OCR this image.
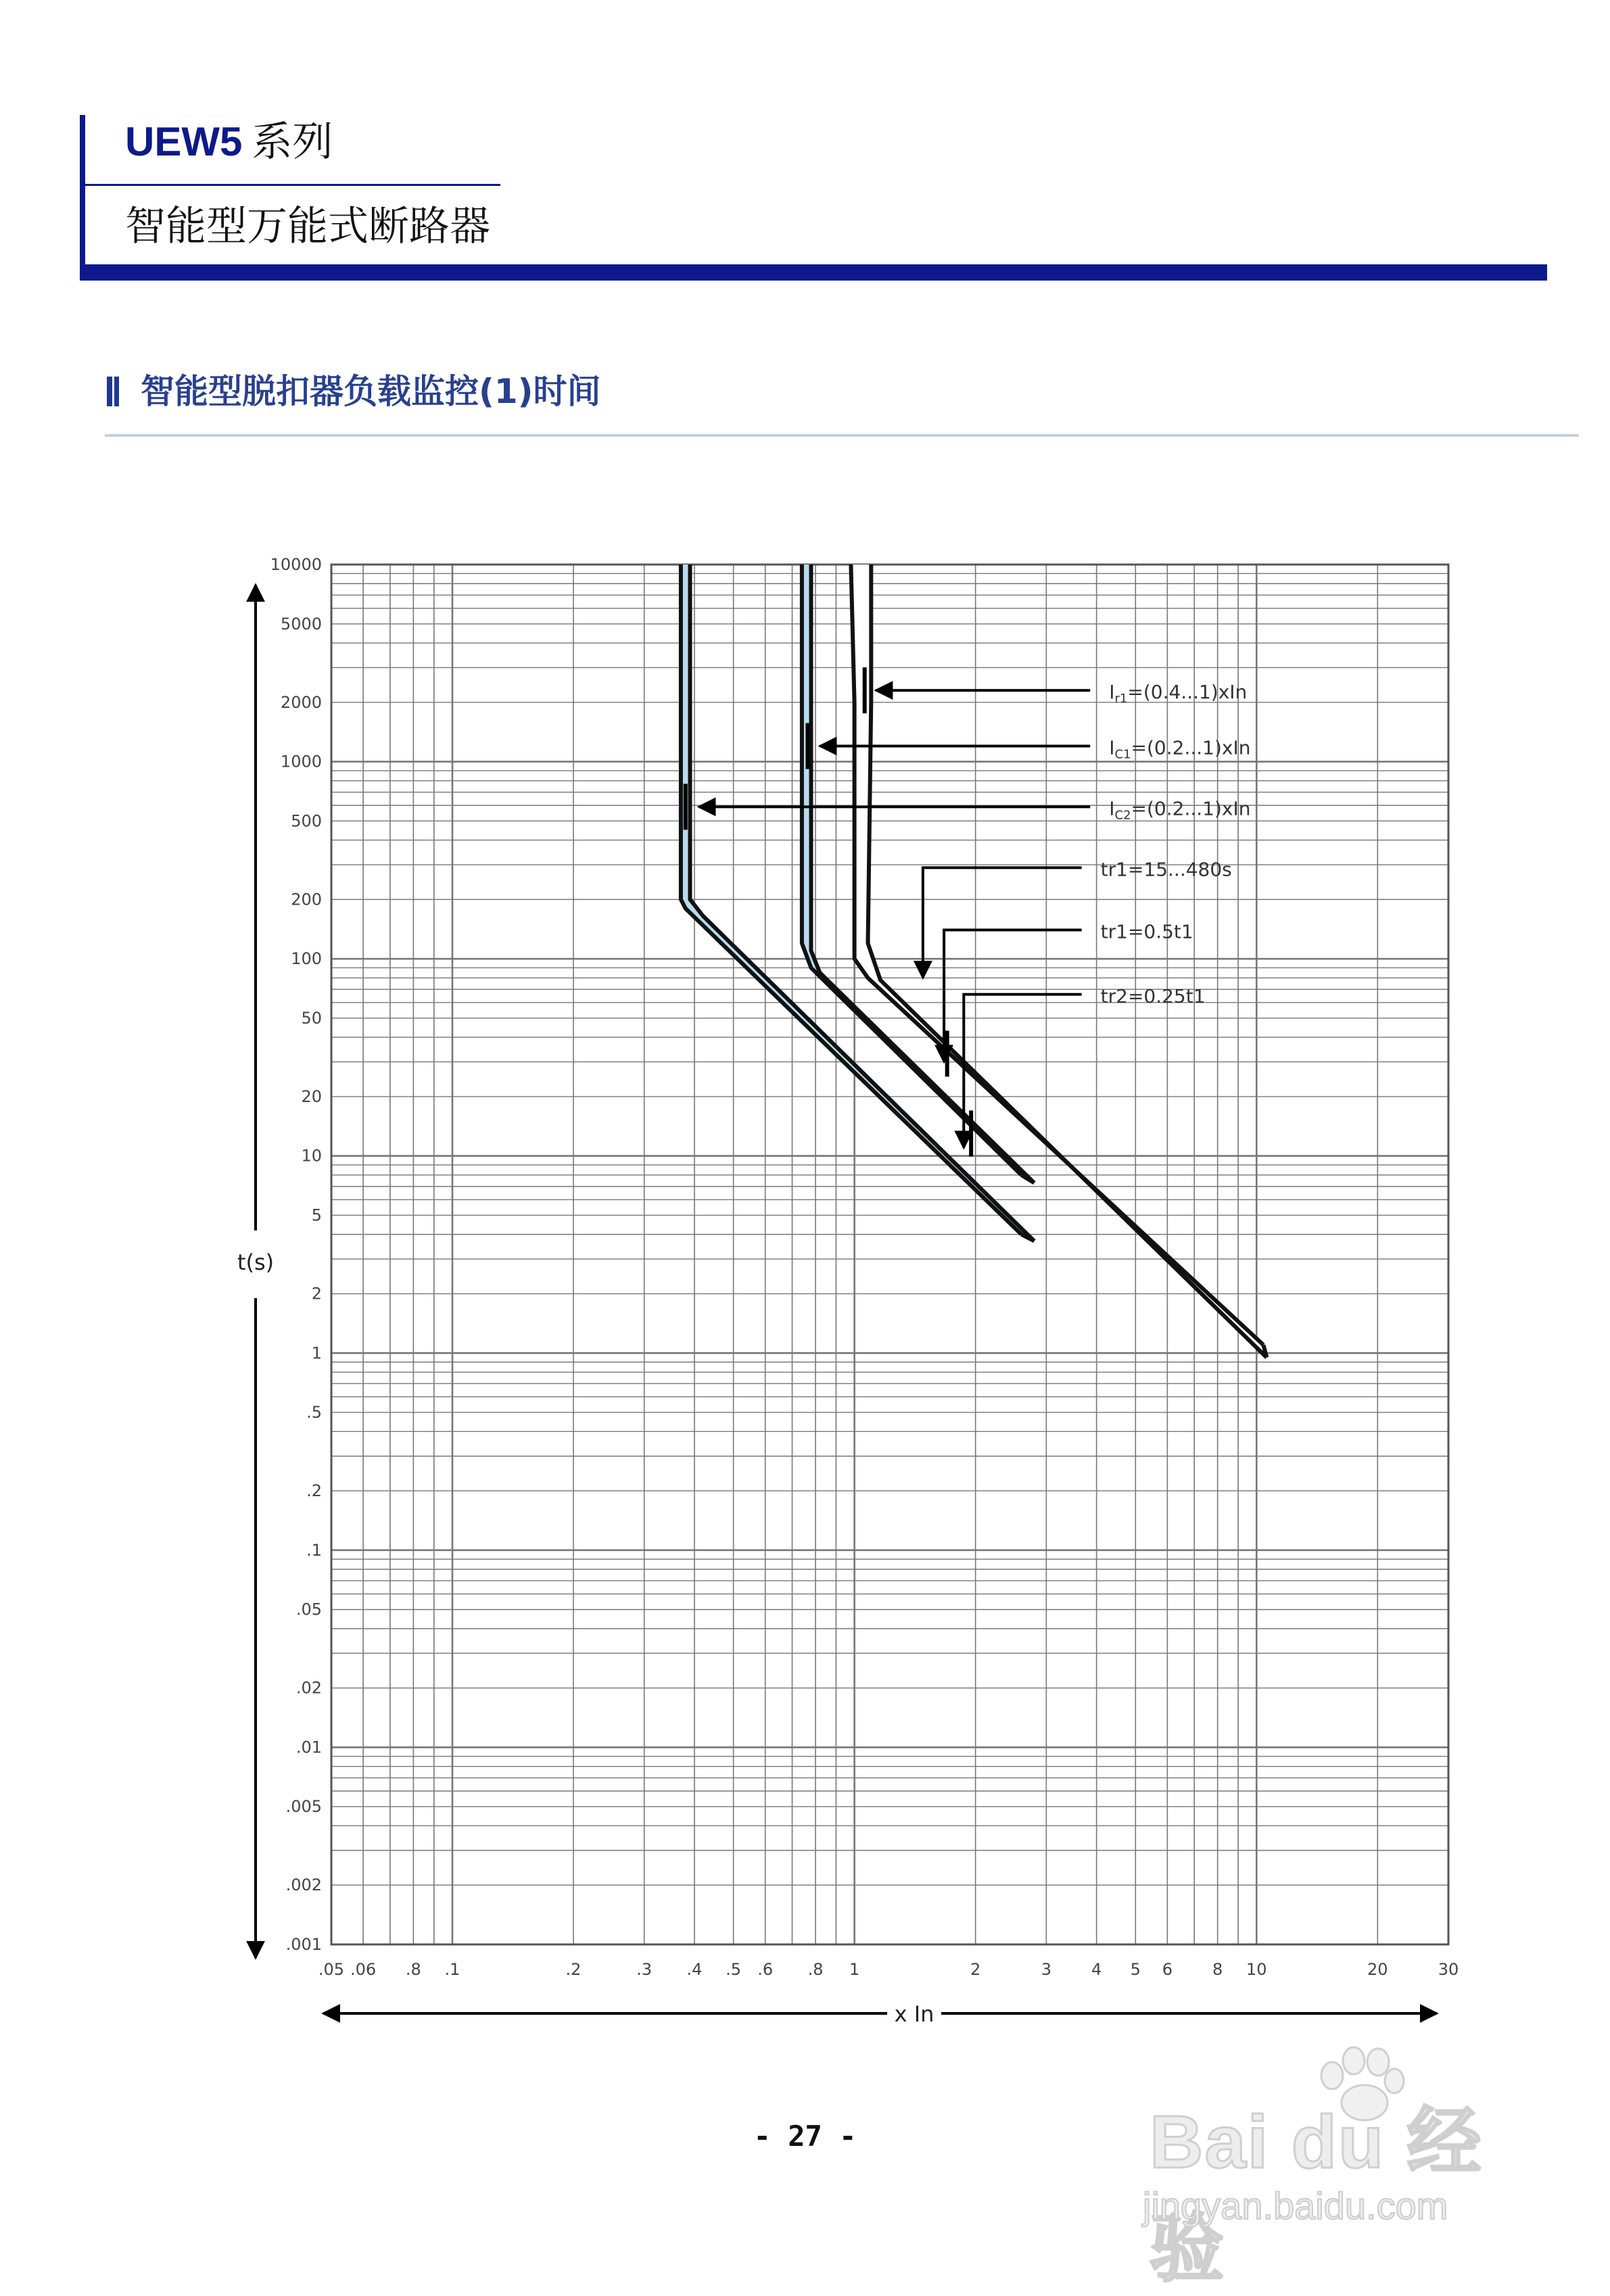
UEW5 系列
智能型万能式断路器
智能型脱扣器负载监控(1)时间
$I_{r1}=(0.4...1)xIn$
$I_{C1}=(0.2...1)xIn$
$I_{C2}=(0.2...1)xIn$
tr1=15...480s
tr1=0.5t1
tr2=0.25t1
.05 .06 .8 .1	.2	.3 .4 .5 .6 .8 1	2	3 4 5 6 8 10	20	30
10000
5000
2000
1000
500
200
100
50
20
10
5
2
1
.5
.2
.1
.05
.02
.01
.005
.002
.001
t(s)
x In
- 27 -	Bai du 经验
jingyan.baidu.com
